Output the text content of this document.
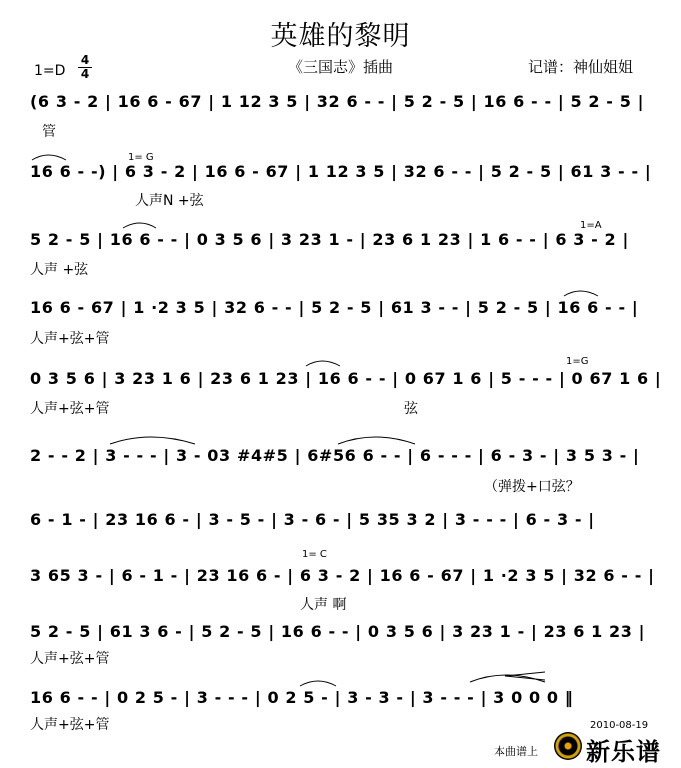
英雄的黎明
《三国志》插曲
1=D
4
4	记谱：神仙姐姐
1= G
1=A
1=G
1= C
(6 3 - 2 | 16 6 - 67 | 1 12 3 5 | 32 6 - - | 5 2 - 5 | 16 6 - - | 5 2 - 5 |
16 6 - -) | 6 3 - 2 | 16 6 - 67 | 1 12 3 5 | 32 6 - - | 5 2 - 5 | 61 3 - - |
5 2 - 5 | 16 6 - - | 0 3 5 6 | 3 23 1 - | 23 6 1 23 | 1 6 - - | 6 3 - 2 |
16 6 - 67 | 1 ·2 3 5 | 32 6 - - | 5 2 - 5 | 61 3 - - | 5 2 - 5 | 16 6 - - |
0 3 5 6 | 3 23 1 6 | 23 6 1 23 | 16 6 - - | 0 67 1 6 | 5 - - - | 0 67 1 6 |
2 - - 2 | 3 - - - | 3 - 03 #4#5 | 6#56 6 - - | 6 - - - | 6 - 3 - | 3 5 3 - |
6 - 1 - | 23 16 6 - | 3 - 5 - | 3 - 6 - | 5 35 3 2 | 3 - - - | 6 - 3 - |
3 65 3 - | 6 - 1 - | 23 16 6 - | 6 3 - 2 | 16 6 - 67 | 1 ·2 3 5 | 32 6 - - |
5 2 - 5 | 61 3 6 - | 5 2 - 5 | 16 6 - - | 0 3 5 6 | 3 23 1 - | 23 6 1 23 |
16 6 - - | 0 2 5 - | 3 - - - | 0 2 5 - | 3 - 3 - | 3 - - - | 3 0 0 0 ‖
管
人声N +弦
人声 +弦
人声+弦+管
人声+弦+管	弦
（弹拨+口弦？
人声 啊
人声+弦+管
人声+弦+管	2010-08-19
本曲谱上 新乐谱
